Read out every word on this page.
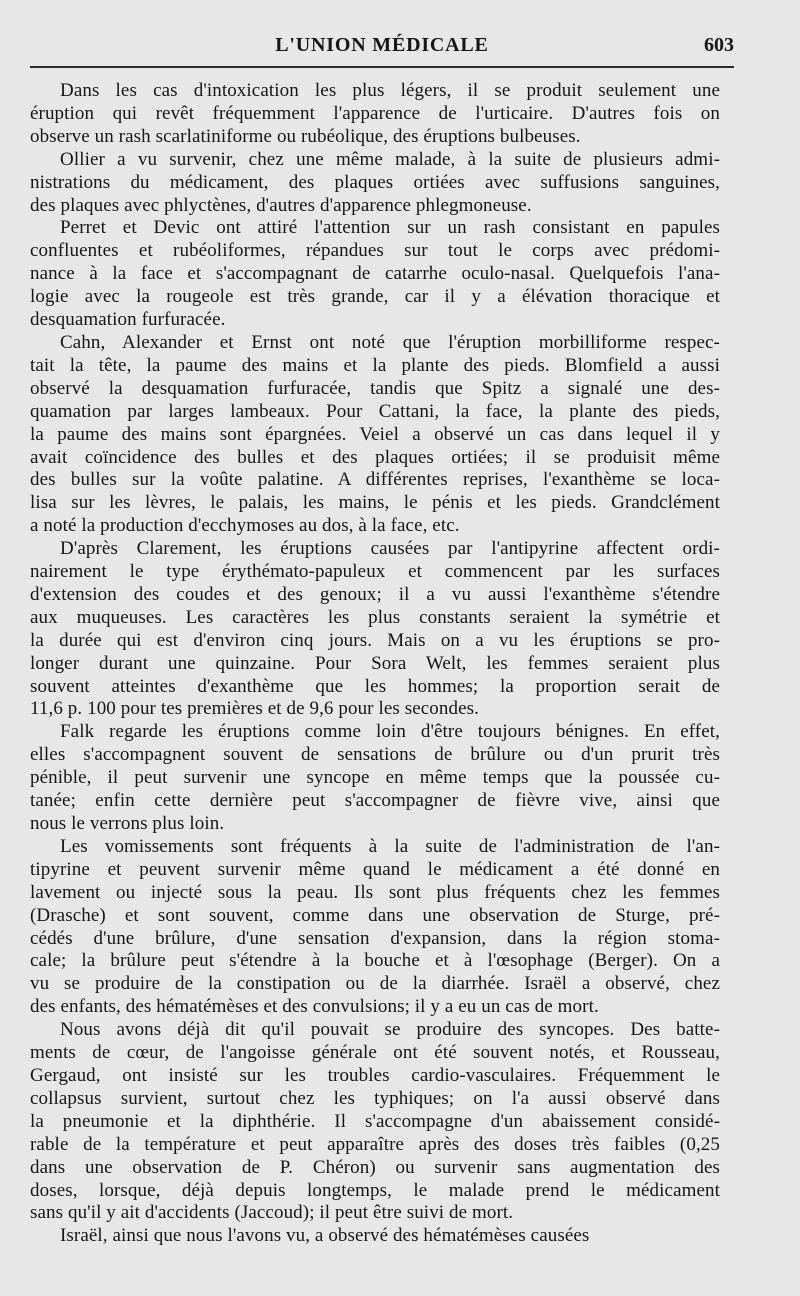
L'UNION MÉDICALE	603
Dans les cas d'intoxication les plus légers, il se produit seulement une
éruption qui revêt fréquemment l'apparence de l'urticaire. D'autres fois on
observe un rash scarlatiniforme ou rubéolique, des éruptions bulbeuses.
Ollier a vu survenir, chez une même malade, à la suite de plusieurs admi-
nistrations du médicament, des plaques ortiées avec suffusions sanguines,
des plaques avec phlyctènes, d'autres d'apparence phlegmoneuse.
Perret et Devic ont attiré l'attention sur un rash consistant en papules
confluentes et rubéoliformes, répandues sur tout le corps avec prédomi-
nance à la face et s'accompagnant de catarrhe oculo-nasal. Quelquefois l'ana-
logie avec la rougeole est très grande, car il y a élévation thoracique et
desquamation furfuracée.
Cahn, Alexander et Ernst ont noté que l'éruption morbilliforme respec-
tait la tête, la paume des mains et la plante des pieds. Blomfield a aussi
observé la desquamation furfuracée, tandis que Spitz a signalé une des-
quamation par larges lambeaux. Pour Cattani, la face, la plante des pieds,
la paume des mains sont épargnées. Veiel a observé un cas dans lequel il y
avait coïncidence des bulles et des plaques ortiées; il se produisit même
des bulles sur la voûte palatine. A différentes reprises, l'exanthème se loca-
lisa sur les lèvres, le palais, les mains, le pénis et les pieds. Grandclément
a noté la production d'ecchymoses au dos, à la face, etc.
D'après Clarement, les éruptions causées par l'antipyrine affectent ordi-
nairement le type érythémato-papuleux et commencent par les surfaces
d'extension des coudes et des genoux; il a vu aussi l'exanthème s'étendre
aux muqueuses. Les caractères les plus constants seraient la symétrie et
la durée qui est d'environ cinq jours. Mais on a vu les éruptions se pro-
longer durant une quinzaine. Pour Sora Welt, les femmes seraient plus
souvent atteintes d'exanthème que les hommes; la proportion serait de
11,6 p. 100 pour tes premières et de 9,6 pour les secondes.
Falk regarde les éruptions comme loin d'être toujours bénignes. En effet,
elles s'accompagnent souvent de sensations de brûlure ou d'un prurit très
pénible, il peut survenir une syncope en même temps que la poussée cu-
tanée; enfin cette dernière peut s'accompagner de fièvre vive, ainsi que
nous le verrons plus loin.
Les vomissements sont fréquents à la suite de l'administration de l'an-
tipyrine et peuvent survenir même quand le médicament a été donné en
lavement ou injecté sous la peau. Ils sont plus fréquents chez les femmes
(Drasche) et sont souvent, comme dans une observation de Sturge, pré-
cédés d'une brûlure, d'une sensation d'expansion, dans la région stoma-
cale; la brûlure peut s'étendre à la bouche et à l'œsophage (Berger). On a
vu se produire de la constipation ou de la diarrhée. Israël a observé, chez
des enfants, des hématémèses et des convulsions; il y a eu un cas de mort.
Nous avons déjà dit qu'il pouvait se produire des syncopes. Des batte-
ments de cœur, de l'angoisse générale ont été souvent notés, et Rousseau,
Gergaud, ont insisté sur les troubles cardio-vasculaires. Fréquemment le
collapsus survient, surtout chez les typhiques; on l'a aussi observé dans
la pneumonie et la diphthérie. Il s'accompagne d'un abaissement considé-
rable de la température et peut apparaître après des doses très faibles (0,25
dans une observation de P. Chéron) ou survenir sans augmentation des
doses, lorsque, déjà depuis longtemps, le malade prend le médicament
sans qu'il y ait d'accidents (Jaccoud); il peut être suivi de mort.
Israël, ainsi que nous l'avons vu, a observé des hématémèses causées
